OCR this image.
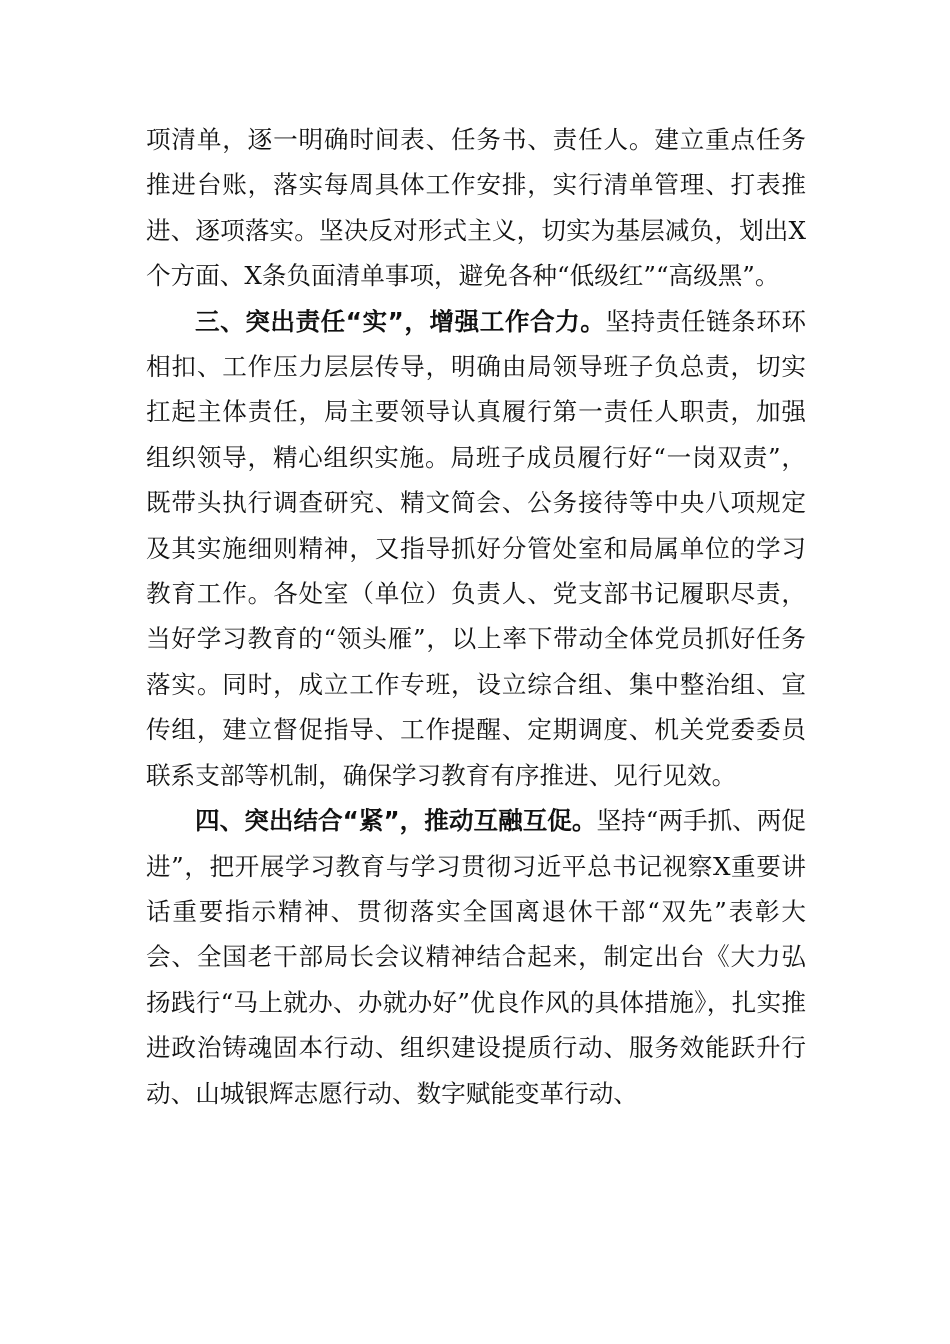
项清单，逐一明确时间表、任务书、责任人。建立重点任务推进台账，落实每周具体工作安排，实行清单管理、打表推进、逐项落实。坚决反对形式主义，切实为基层减负，划出X个方面、X条负面清单事项，避免各种“低级红”“高级黑”。

三、突出责任“实”，增强工作合力。坚持责任链条环环相扣、工作压力层层传导，明确由局领导班子负总责，切实扛起主体责任，局主要领导认真履行第一责任人职责，加强组织领导，精心组织实施。局班子成员履行好“一岗双责”，既带头执行调查研究、精文简会、公务接待等中央八项规定及其实施细则精神，又指导抓好分管处室和局属单位的学习教育工作。各处室（单位）负责人、党支部书记履职尽责，当好学习教育的“领头雁”，以上率下带动全体党员抓好任务落实。同时，成立工作专班，设立综合组、集中整治组、宣传组，建立督促指导、工作提醒、定期调度、机关党委委员联系支部等机制，确保学习教育有序推进、见行见效。

四、突出结合“紧”，推动互融互促。坚持“两手抓、两促进”，把开展学习教育与学习贯彻习近平总书记视察X重要讲话重要指示精神、贯彻落实全国离退休干部“双先”表彰大会、全国老干部局长会议精神结合起来，制定出台《大力弘扬践行“马上就办、办就办好”优良作风的具体措施》，扎实推进政治铸魂固本行动、组织建设提质行动、服务效能跃升行动、山城银辉志愿行动、数字赋能变革行动、
